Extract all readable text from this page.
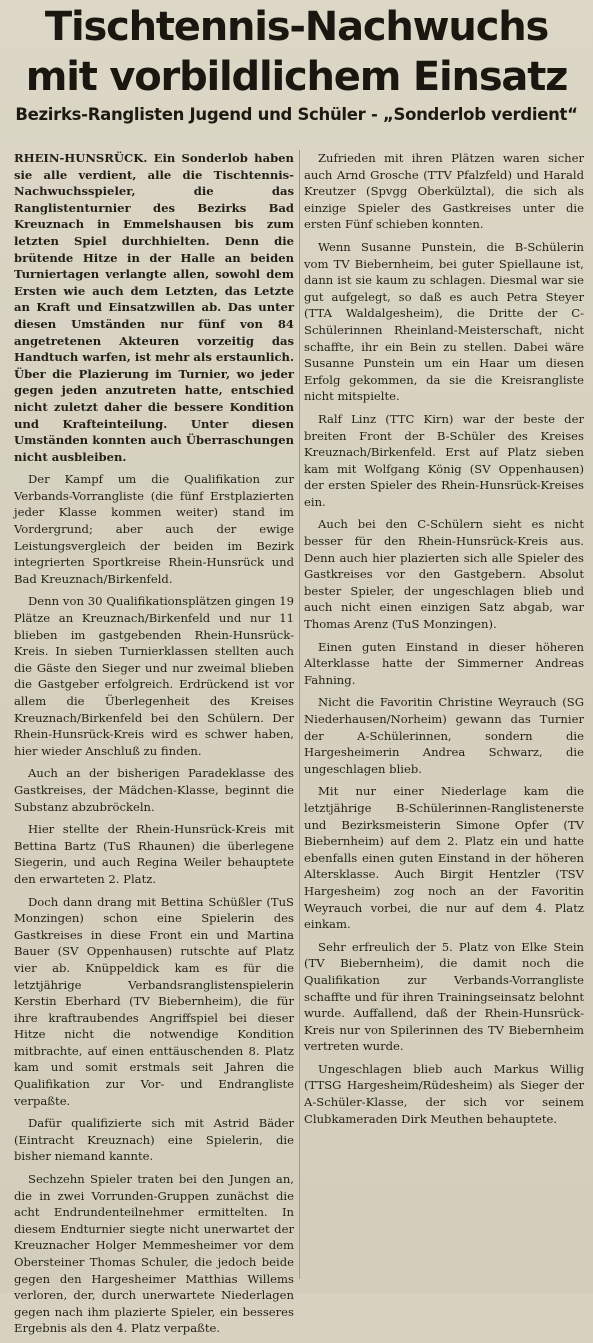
Tischtennis-Nachwuchs
mit vorbildlichem Einsatz
Bezirks-Ranglisten Jugend und Schüler - „Sonderlob verdient“

RHEIN-HUNSRÜCK. Ein Sonderlob haben sie alle verdient, alle die Tischtennis-Nachwuchsspieler, die das Ranglistenturnier des Bezirks Bad Kreuznach in Emmelshausen bis zum letzten Spiel durchhielten. Denn die brütende Hitze in der Halle an beiden Turniertagen verlangte allen, sowohl dem Ersten wie auch dem Letzten, das Letzte an Kraft und Einsatzwillen ab. Das unter diesen Umständen nur fünf von 84 angetretenen Akteuren vorzeitig das Handtuch warfen, ist mehr als erstaunlich. Über die Plazierung im Turnier, wo jeder gegen jeden anzutreten hatte, entschied nicht zuletzt daher die bessere Kondition und Krafteinteilung. Unter diesen Umständen konnten auch Überraschungen nicht ausbleiben.

Der Kampf um die Qualifikation zur Verbands-Vorrangliste (die fünf Erstplazierten jeder Klasse kommen weiter) stand im Vordergrund; aber auch der ewige Leistungsvergleich der beiden im Bezirk integrierten Sportkreise Rhein-Hunsrück und Bad Kreuznach/Birkenfeld.

Denn von 30 Qualifikationsplätzen gingen 19 Plätze an Kreuznach/Birkenfeld und nur 11 blieben im gastgebenden Rhein-Hunsrück-Kreis. In sieben Turnierklassen stellten auch die Gäste den Sieger und nur zweimal blieben die Gastgeber erfolgreich. Erdrückend ist vor allem die Überlegenheit des Kreises Kreuznach/Birkenfeld bei den Schülern. Der Rhein-Hunsrück-Kreis wird es schwer haben, hier wieder Anschluß zu finden.

Auch an der bisherigen Paradeklasse des Gastkreises, der Mädchen-Klasse, beginnt die Substanz abzubröckeln.

Hier stellte der Rhein-Hunsrück-Kreis mit Bettina Bartz (TuS Rhaunen) die überlegene Siegerin, und auch Regina Weiler behauptete den erwarteten 2. Platz.

Doch dann drang mit Bettina Schüßler (TuS Monzingen) schon eine Spielerin des Gastkreises in diese Front ein und Martina Bauer (SV Oppenhausen) rutschte auf Platz vier ab. Knüppeldick kam es für die letztjährige Verbandsranglistenspielerin Kerstin Eberhard (TV Biebernheim), die für ihre kraftraubendes Angriffspiel bei dieser Hitze nicht die notwendige Kondition mitbrachte, auf einen enttäuschenden 8. Platz kam und somit erstmals seit Jahren die Qualifikation zur Vor- und Endrangliste verpaßte.

Dafür qualifizierte sich mit Astrid Bäder (Eintracht Kreuznach) eine Spielerin, die bisher niemand kannte.

Sechzehn Spieler traten bei den Jungen an, die in zwei Vorrunden-Gruppen zunächst die acht Endrundenteilnehmer ermittelten. In diesem Endturnier siegte nicht unerwartet der Kreuznacher Holger Memmesheimer vor dem Obersteiner Thomas Schuler, die jedoch beide gegen den Hargesheimer Matthias Willems verloren, der, durch unerwartete Niederlagen gegen nach ihm plazierte Spieler, ein besseres Ergebnis als den 4. Platz verpaßte.

Zufrieden mit ihren Plätzen waren sicher auch Arnd Grosche (TTV Pfalzfeld) und Harald Kreutzer (Spvgg Oberkülztal), die sich als einzige Spieler des Gastkreises unter die ersten Fünf schieben konnten.

Wenn Susanne Punstein, die B-Schülerin vom TV Biebernheim, bei guter Spiellaune ist, dann ist sie kaum zu schlagen. Diesmal war sie gut aufgelegt, so daß es auch Petra Steyer (TTA Waldalgesheim), die Dritte der C-Schülerinnen Rheinland-Meisterschaft, nicht schaffte, ihr ein Bein zu stellen. Dabei wäre Susanne Punstein um ein Haar um diesen Erfolg gekommen, da sie die Kreisrangliste nicht mitspielte.

Ralf Linz (TTC Kirn) war der beste der breiten Front der B-Schüler des Kreises Kreuznach/Birkenfeld. Erst auf Platz sieben kam mit Wolfgang König (SV Oppenhausen) der ersten Spieler des Rhein-Hunsrück-Kreises ein.

Auch bei den C-Schülern sieht es nicht besser für den Rhein-Hunsrück-Kreis aus. Denn auch hier plazierten sich alle Spieler des Gastkreises vor den Gastgebern. Absolut bester Spieler, der ungeschlagen blieb und auch nicht einen einzigen Satz abgab, war Thomas Arenz (TuS Monzingen).

Einen guten Einstand in dieser höheren Alterklasse hatte der Simmerner Andreas Fahning.

Nicht die Favoritin Christine Weyrauch (SG Niederhausen/Norheim) gewann das Turnier der A-Schülerinnen, sondern die Hargesheimerin Andrea Schwarz, die ungeschlagen blieb.

Mit nur einer Niederlage kam die letztjährige B-Schülerinnen-Ranglistenerste und Bezirksmeisterin Simone Opfer (TV Biebernheim) auf dem 2. Platz ein und hatte ebenfalls einen guten Einstand in der höheren Altersklasse. Auch Birgit Hentzler (TSV Hargesheim) zog noch an der Favoritin Weyrauch vorbei, die nur auf dem 4. Platz einkam.

Sehr erfreulich der 5. Platz von Elke Stein (TV Biebernheim), die damit noch die Qualifikation zur Verbands-Vorrangliste schaffte und für ihren Trainingseinsatz belohnt wurde. Auffallend, daß der Rhein-Hunsrück-Kreis nur von Spilerinnen des TV Biebernheim vertreten wurde.

Ungeschlagen blieb auch Markus Willig (TTSG Hargesheim/Rüdesheim) als Sieger der A-Schüler-Klasse, der sich vor seinem Clubkameraden Dirk Meuthen behauptete.
